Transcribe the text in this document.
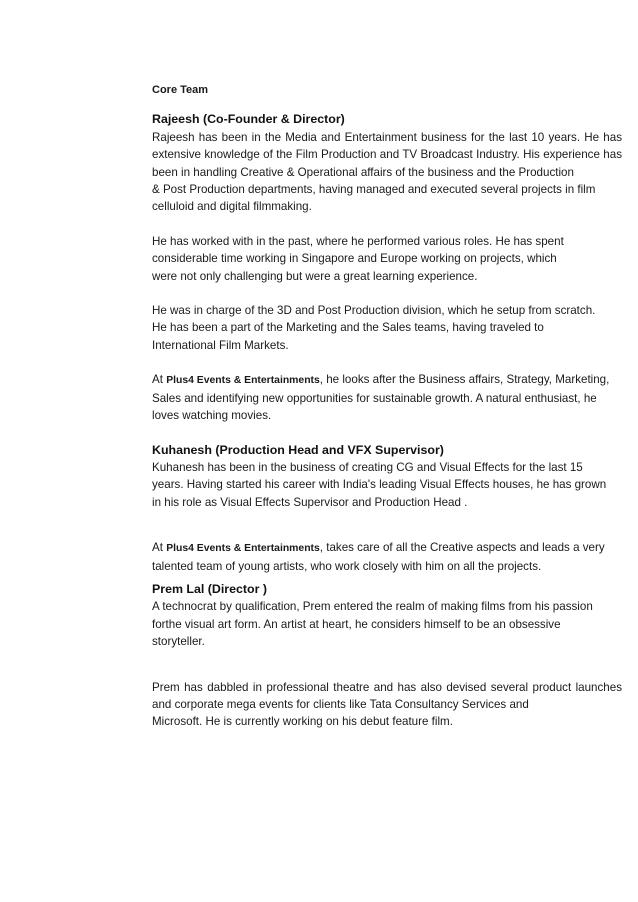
Core Team
Rajeesh (Co-Founder & Director)

Rajeesh has been in the Media and Entertainment business for the last 10 years. He has extensive knowledge of the Film Production and TV Broadcast Industry. His experience has been in handling Creative & Operational affairs of the business and the Production

& Post Production departments, having managed and executed several projects in film celluloid and digital filmmaking.

He has worked with in the past, where he performed various roles. He has spent
considerable time working in Singapore and Europe working on projects, which
were not only challenging but were a great learning experience.

He was in charge of the 3D and Post Production division, which he setup from scratch.
He has been a part of the Marketing and the Sales teams, having traveled to
International Film Markets.

At Plus4 Events & Entertainments, he looks after the Business affairs, Strategy, Marketing,
Sales and identifying new opportunities for sustainable growth. A natural enthusiast, he
loves watching movies.

Kuhanesh (Production Head and VFX Supervisor)

Kuhanesh has been in the business of creating CG and Visual Effects for the last 15
years. Having started his career with India's leading Visual Effects houses, he has grown
in his role as Visual Effects Supervisor and Production Head .

At Plus4 Events & Entertainments, takes care of all the Creative aspects and leads a very
talented team of young artists, who work closely with him on all the projects.

Prem Lal (Director )

A technocrat by qualification, Prem entered the realm of making films from his passion
forthe visual art form. An artist at heart, he considers himself to be an obsessive
storyteller.

Prem has dabbled in professional theatre and has also devised several product launches and corporate mega events for clients like Tata Consultancy Services and

Microsoft. He is currently working on his debut feature film.
